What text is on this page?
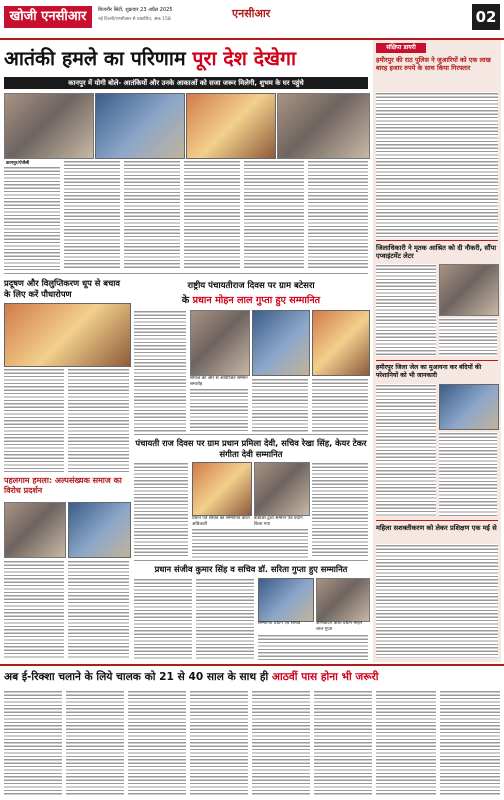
खोजी एनसीआर	बिजनौर सिटी, शुक्रवार 23 अप्रैल 2025
नई दिल्ली/एनसीआर से प्रकाशित, अंक 158	एनसीआर	02
आतंकी हमले का परिणाम पूरा देश देखेगा
कानपुर में योगी बोले- आतंकियों और उनके आकाओं को सजा जरूर मिलेगी, शुभम के घर पहुंचे
कानपुर/ऐजेंसी
संक्षिप्त डायरी
हमीरपुर की राठ पुलिस ने जुआरियों को एक लाख बारह हजार रुपये के साथ किया गिरफ्तार
जिलाधिकारी ने मृतक आश्रित को दी नौकरी, सौंपा एप्वाइंटमेंट लेटर
हमीरपुर जिला जेल का मुआयना कर बंदियों की परेशानियों को भी जानकारी
महिला सशक्तीकरण को लेकर प्रशिक्षण एक मई से
प्रदूषण और विलुप्तिकरण धूप से बचाव के लिए करें पौधारोपण
राष्ट्रीय पंचायतीराज दिवस पर ग्राम बटेसरा
के प्रधान मोहन लाल गुप्ता हुए सम्मानित
समाज की ओर से आयोजित सम्मान समारोह
पहलगाम हमला: अल्पसंख्यक समाज का विरोध प्रदर्शन
पंचायती राज दिवस पर ग्राम प्रधान प्रमिला देवी, सचिव रेखा सिंह, केयर टेकर संगीता देवी सम्मानित
प्रधान एवं सचिव को सम्मानित करते अधिकारी
डीडीओ द्वारा सम्मान पत्र प्रदान किया गया
प्रधान संजीव कुमार सिंह व सचिव डॉ. सरिता गुप्ता हुए सम्मानित
सम्मानित प्रधान एवं सचिव	अभिवादन करते प्रधान मोहन लाल गुप्ता
अब ई-रिक्शा चलाने के लिये चालक को 21 से 40 साल के साथ ही आठवीं पास होना भी जरूरी
